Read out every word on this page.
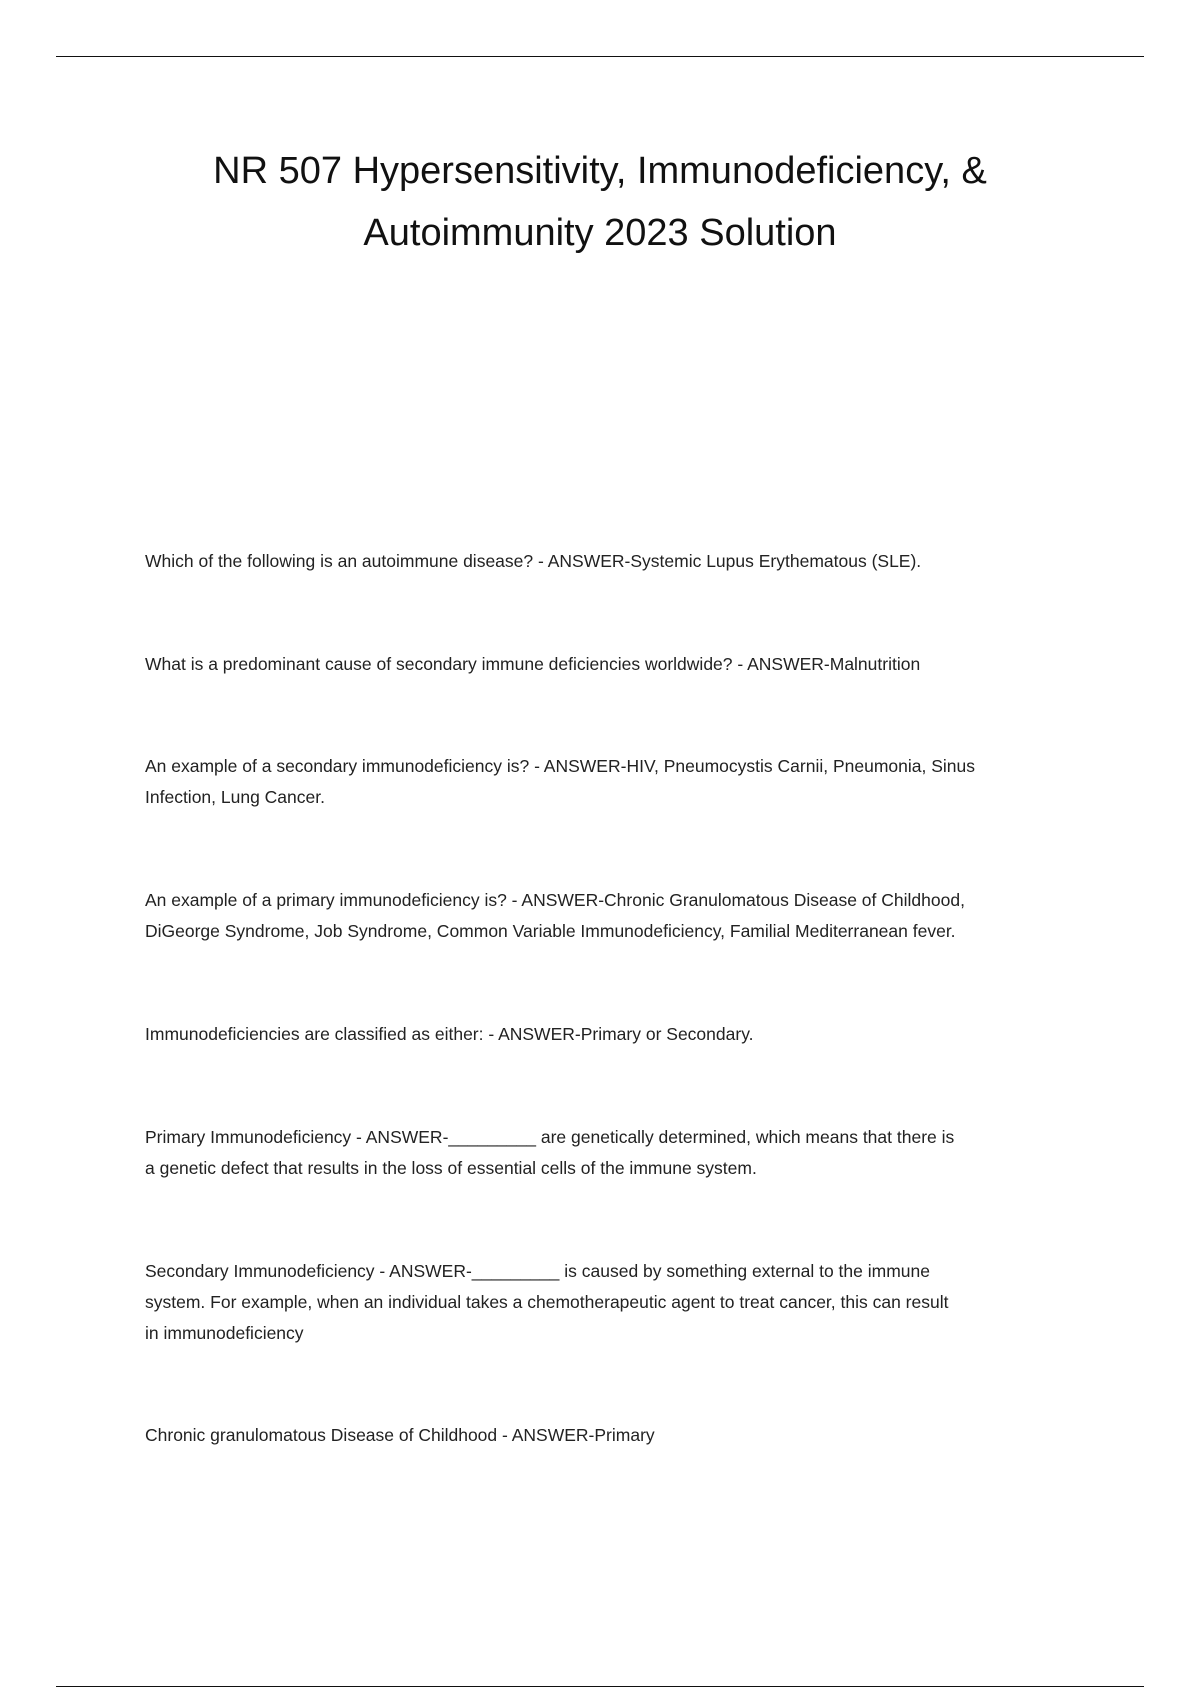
NR 507 Hypersensitivity, Immunodeficiency, &
Autoimmunity 2023 Solution

Which of the following is an autoimmune disease? - ANSWER-Systemic Lupus Erythematous (SLE).

What is a predominant cause of secondary immune deficiencies worldwide? - ANSWER-Malnutrition

An example of a secondary immunodeficiency is? - ANSWER-HIV, Pneumocystis Carnii, Pneumonia, Sinus
Infection, Lung Cancer.

An example of a primary immunodeficiency is? - ANSWER-Chronic Granulomatous Disease of Childhood,
DiGeorge Syndrome, Job Syndrome, Common Variable Immunodeficiency, Familial Mediterranean fever.

Immunodeficiencies are classified as either: - ANSWER-Primary or Secondary.

Primary Immunodeficiency - ANSWER-_________ are genetically determined, which means that there is
a genetic defect that results in the loss of essential cells of the immune system.

Secondary Immunodeficiency - ANSWER-_________ is caused by something external to the immune
system. For example, when an individual takes a chemotherapeutic agent to treat cancer, this can result
in immunodeficiency

Chronic granulomatous Disease of Childhood - ANSWER-Primary
